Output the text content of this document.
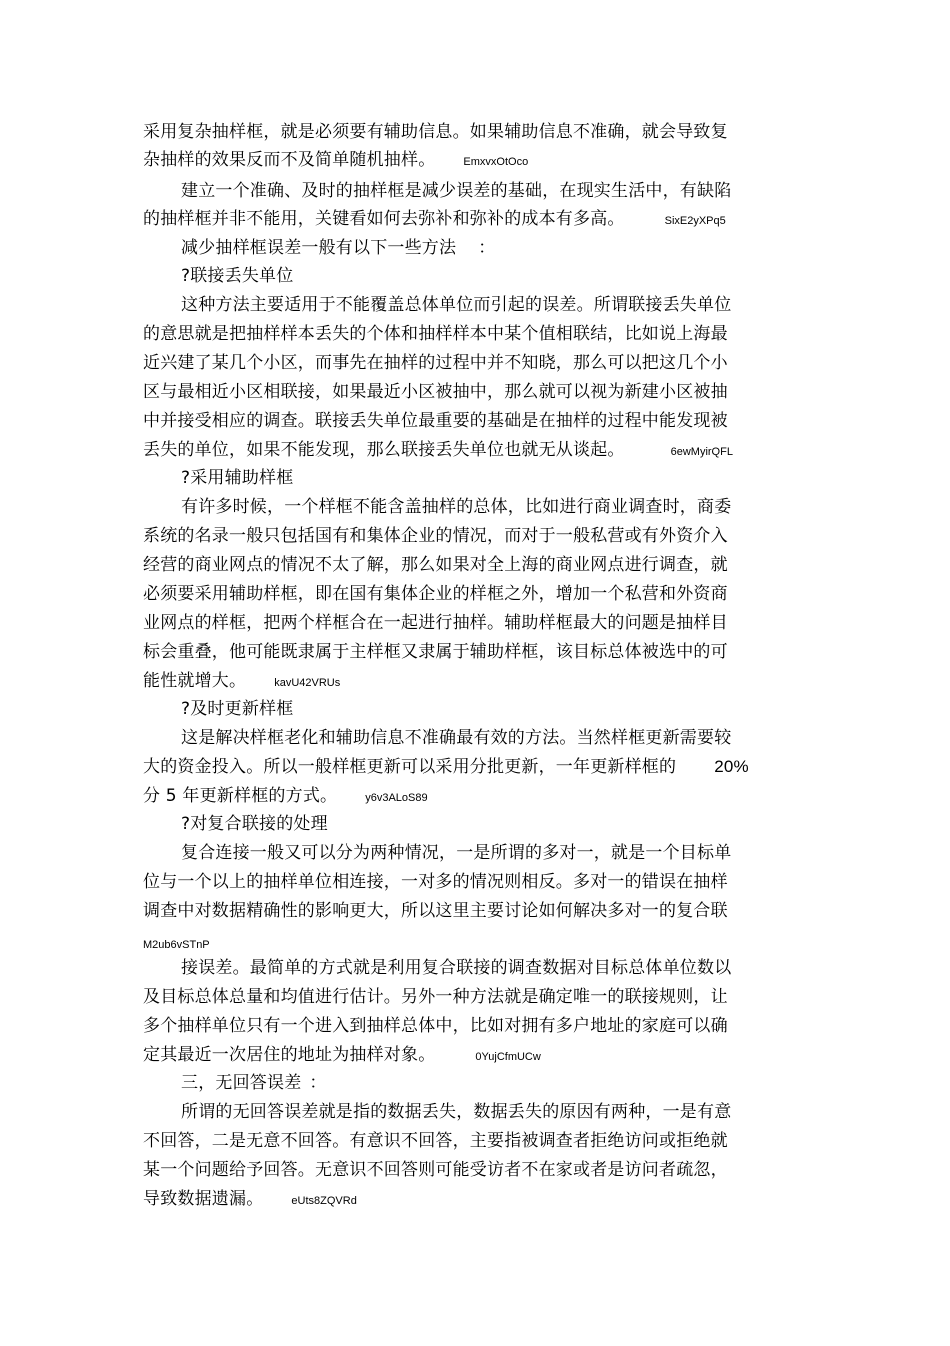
采用复杂抽样框，就是必须要有辅助信息。如果辅助信息不准确，就会导致复
杂抽样的效果反而不及简单随机抽样。	EmxvxOtOco
建立一个准确、及时的抽样框是减少误差的基础，在现实生活中，有缺陷
的抽样框并非不能用，关键看如何去弥补和弥补的成本有多高。	SixE2yXPq5
减少抽样框误差一般有以下一些方法 ：
?联接丢失单位
这种方法主要适用于不能覆盖总体单位而引起的误差。所谓联接丢失单位
的意思就是把抽样样本丢失的个体和抽样样本中某个值相联结，比如说上海最
近兴建了某几个小区，而事先在抽样的过程中并不知晓，那么可以把这几个小
区与最相近小区相联接，如果最近小区被抽中，那么就可以视为新建小区被抽
中并接受相应的调查。联接丢失单位最重要的基础是在抽样的过程中能发现被
丢失的单位，如果不能发现，那么联接丢失单位也就无从谈起。	6ewMyirQFL
?采用辅助样框
有许多时候，一个样框不能含盖抽样的总体，比如进行商业调查时，商委
系统的名录一般只包括国有和集体企业的情况，而对于一般私营或有外资介入
经营的商业网点的情况不太了解，那么如果对全上海的商业网点进行调查，就
必须要采用辅助样框，即在国有集体企业的样框之外，增加一个私营和外资商
业网点的样框，把两个样框合在一起进行抽样。辅助样框最大的问题是抽样目
标会重叠，他可能既隶属于主样框又隶属于辅助样框，该目标总体被选中的可
能性就增大。	kavU42VRUs
?及时更新样框
这是解决样框老化和辅助信息不准确最有效的方法。当然样框更新需要较
大的资金投入。所以一般样框更新可以采用分批更新，一年更新样框的 20%
分 5 年更新样框的方式。	y6v3ALoS89
?对复合联接的处理
复合连接一般又可以分为两种情况，一是所谓的多对一，就是一个目标单
位与一个以上的抽样单位相连接，一对多的情况则相反。多对一的错误在抽样
调查中对数据精确性的影响更大，所以这里主要讨论如何解决多对一的复合联
M2ub6vSTnP
接误差。最简单的方式就是利用复合联接的调查数据对目标总体单位数以
及目标总体总量和均值进行估计。另外一种方法就是确定唯一的联接规则，让
多个抽样单位只有一个进入到抽样总体中，比如对拥有多户地址的家庭可以确
定其最近一次居住的地址为抽样对象。	0YujCfmUCw
三，无回答误差 ：
所谓的无回答误差就是指的数据丢失，数据丢失的原因有两种，一是有意
不回答，二是无意不回答。有意识不回答，主要指被调查者拒绝访问或拒绝就
某一个问题给予回答。无意识不回答则可能受访者不在家或者是访问者疏忽，
导致数据遗漏。	eUts8ZQVRd
